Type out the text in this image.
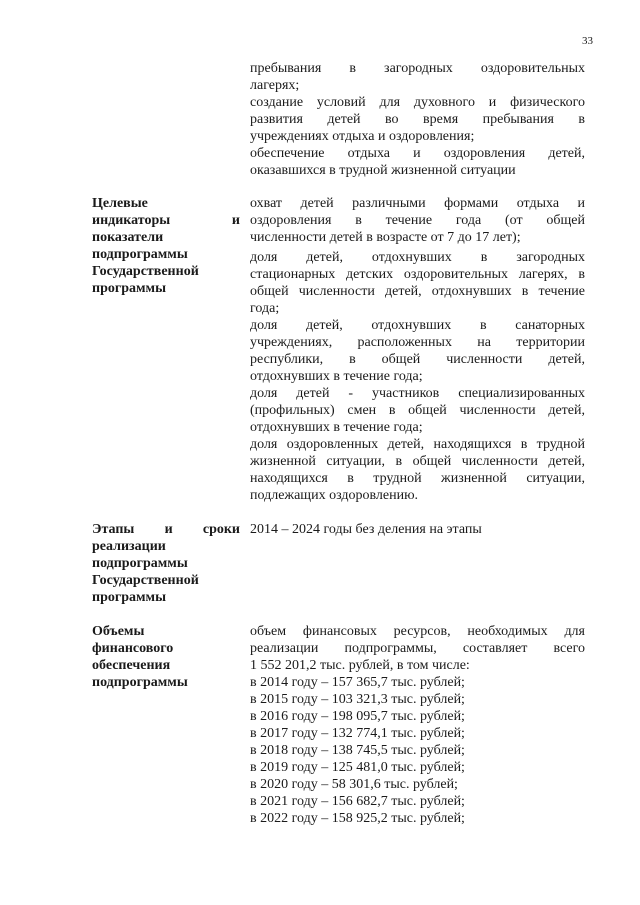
33
пребывания в загородных оздоровительных
лагерях;
создание условий для духовного и физического
развития детей во время пребывания в
учреждениях отдыха и оздоровления;
обеспечение отдыха и оздоровления детей,
оказавшихся в трудной жизненной ситуации
Целевые
индикаторы и
показатели
подпрограммы
Государственной
программы
охват детей различными формами отдыха и
оздоровления в течение года (от общей
численности детей в возрасте от 7 до 17 лет);
доля детей, отдохнувших в загородных
стационарных детских оздоровительных лагерях, в
общей численности детей, отдохнувших в течение
года;
доля детей, отдохнувших в санаторных
учреждениях, расположенных на территории
республики, в общей численности детей,
отдохнувших в течение года;
доля детей - участников специализированных
(профильных) смен в общей численности детей,
отдохнувших в течение года;
доля оздоровленных детей, находящихся в трудной
жизненной ситуации, в общей численности детей,
находящихся в трудной жизненной ситуации,
подлежащих оздоровлению.
Этапы и сроки
реализации
подпрограммы
Государственной
программы
2014 – 2024 годы без деления на этапы
Объемы
финансового
обеспечения
подпрограммы
объем финансовых ресурсов, необходимых для
реализации подпрограммы, составляет всего
1 552 201,2 тыс. рублей, в том числе:
в 2014 году – 157 365,7 тыс. рублей;
в 2015 году – 103 321,3 тыс. рублей;
в 2016 году – 198 095,7 тыс. рублей;
в 2017 году – 132 774,1 тыс. рублей;
в 2018 году – 138 745,5 тыс. рублей;
в 2019 году – 125 481,0 тыс. рублей;
в 2020 году – 58 301,6 тыс. рублей;
в 2021 году – 156 682,7 тыс. рублей;
в 2022 году – 158 925,2 тыс. рублей;
